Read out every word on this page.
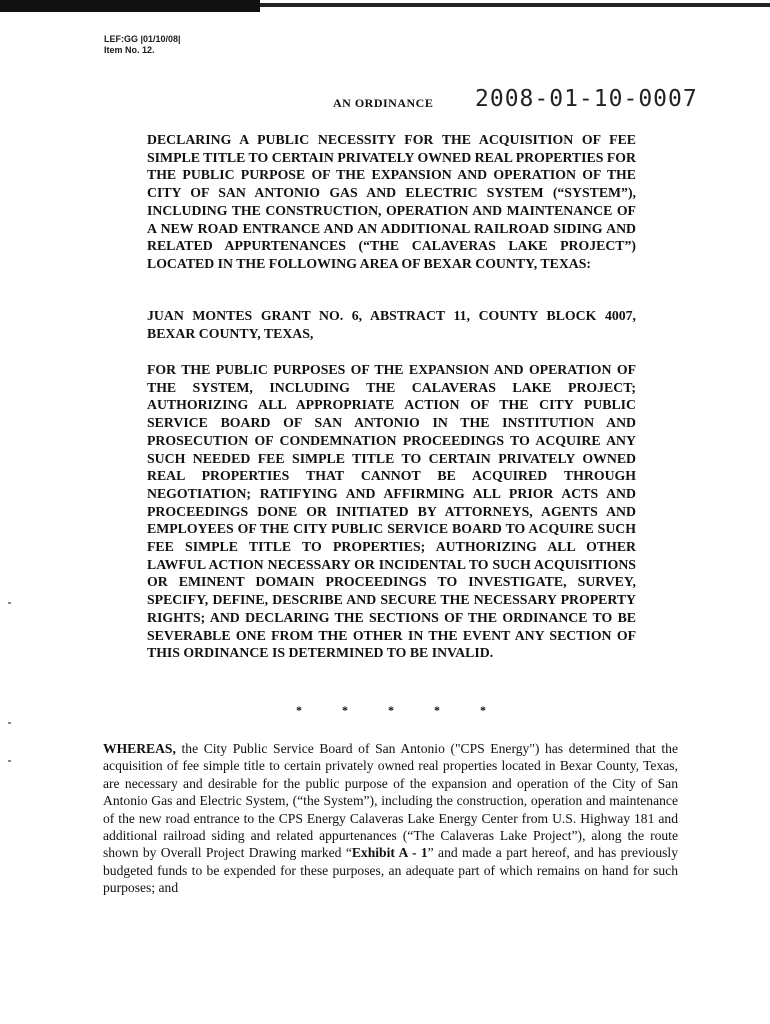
LEF:GG |01/10/08|
Item No. 12.
AN ORDINANCE 2008-01-10-0007

DECLARING A PUBLIC NECESSITY FOR THE ACQUISITION OF FEE SIMPLE TITLE TO CERTAIN PRIVATELY OWNED REAL PROPERTIES FOR THE PUBLIC PURPOSE OF THE EXPANSION AND OPERATION OF THE CITY OF SAN ANTONIO GAS AND ELECTRIC SYSTEM (“SYSTEM”), INCLUDING THE CONSTRUCTION, OPERATION AND MAINTENANCE OF A NEW ROAD ENTRANCE AND AN ADDITIONAL RAILROAD SIDING AND RELATED APPURTENANCES (“THE CALAVERAS LAKE PROJECT”) LOCATED IN THE FOLLOWING AREA OF BEXAR COUNTY, TEXAS:

JUAN MONTES GRANT NO. 6, ABSTRACT 11, COUNTY BLOCK 4007, BEXAR COUNTY, TEXAS,

FOR THE PUBLIC PURPOSES OF THE EXPANSION AND OPERATION OF THE SYSTEM, INCLUDING THE CALAVERAS LAKE PROJECT; AUTHORIZING ALL APPROPRIATE ACTION OF THE CITY PUBLIC SERVICE BOARD OF SAN ANTONIO IN THE INSTITUTION AND PROSECUTION OF CONDEMNATION PROCEEDINGS TO ACQUIRE ANY SUCH NEEDED FEE SIMPLE TITLE TO CERTAIN PRIVATELY OWNED REAL PROPERTIES THAT CANNOT BE ACQUIRED THROUGH NEGOTIATION; RATIFYING AND AFFIRMING ALL PRIOR ACTS AND PROCEEDINGS DONE OR INITIATED BY ATTORNEYS, AGENTS AND EMPLOYEES OF THE CITY PUBLIC SERVICE BOARD TO ACQUIRE SUCH FEE SIMPLE TITLE TO PROPERTIES; AUTHORIZING ALL OTHER LAWFUL ACTION NECESSARY OR INCIDENTAL TO SUCH ACQUISITIONS OR EMINENT DOMAIN PROCEEDINGS TO INVESTIGATE, SURVEY, SPECIFY, DEFINE, DESCRIBE AND SECURE THE NECESSARY PROPERTY RIGHTS; AND DECLARING THE SECTIONS OF THE ORDINANCE TO BE SEVERABLE ONE FROM THE OTHER IN THE EVENT ANY SECTION OF THIS ORDINANCE IS DETERMINED TO BE INVALID.

*	*	*	*	*

WHEREAS, the City Public Service Board of San Antonio ("CPS Energy") has determined that the acquisition of fee simple title to certain privately owned real properties located in Bexar County, Texas, are necessary and desirable for the public purpose of the expansion and operation of the City of San Antonio Gas and Electric System, (“the System”), including the construction, operation and maintenance of the new road entrance to the CPS Energy Calaveras Lake Energy Center from U.S. Highway 181 and additional railroad siding and related appurtenances (“The Calaveras Lake Project”), along the route shown by Overall Project Drawing marked “Exhibit A - 1” and made a part hereof, and has previously budgeted funds to be expended for these purposes, an adequate part of which remains on hand for such purposes; and
